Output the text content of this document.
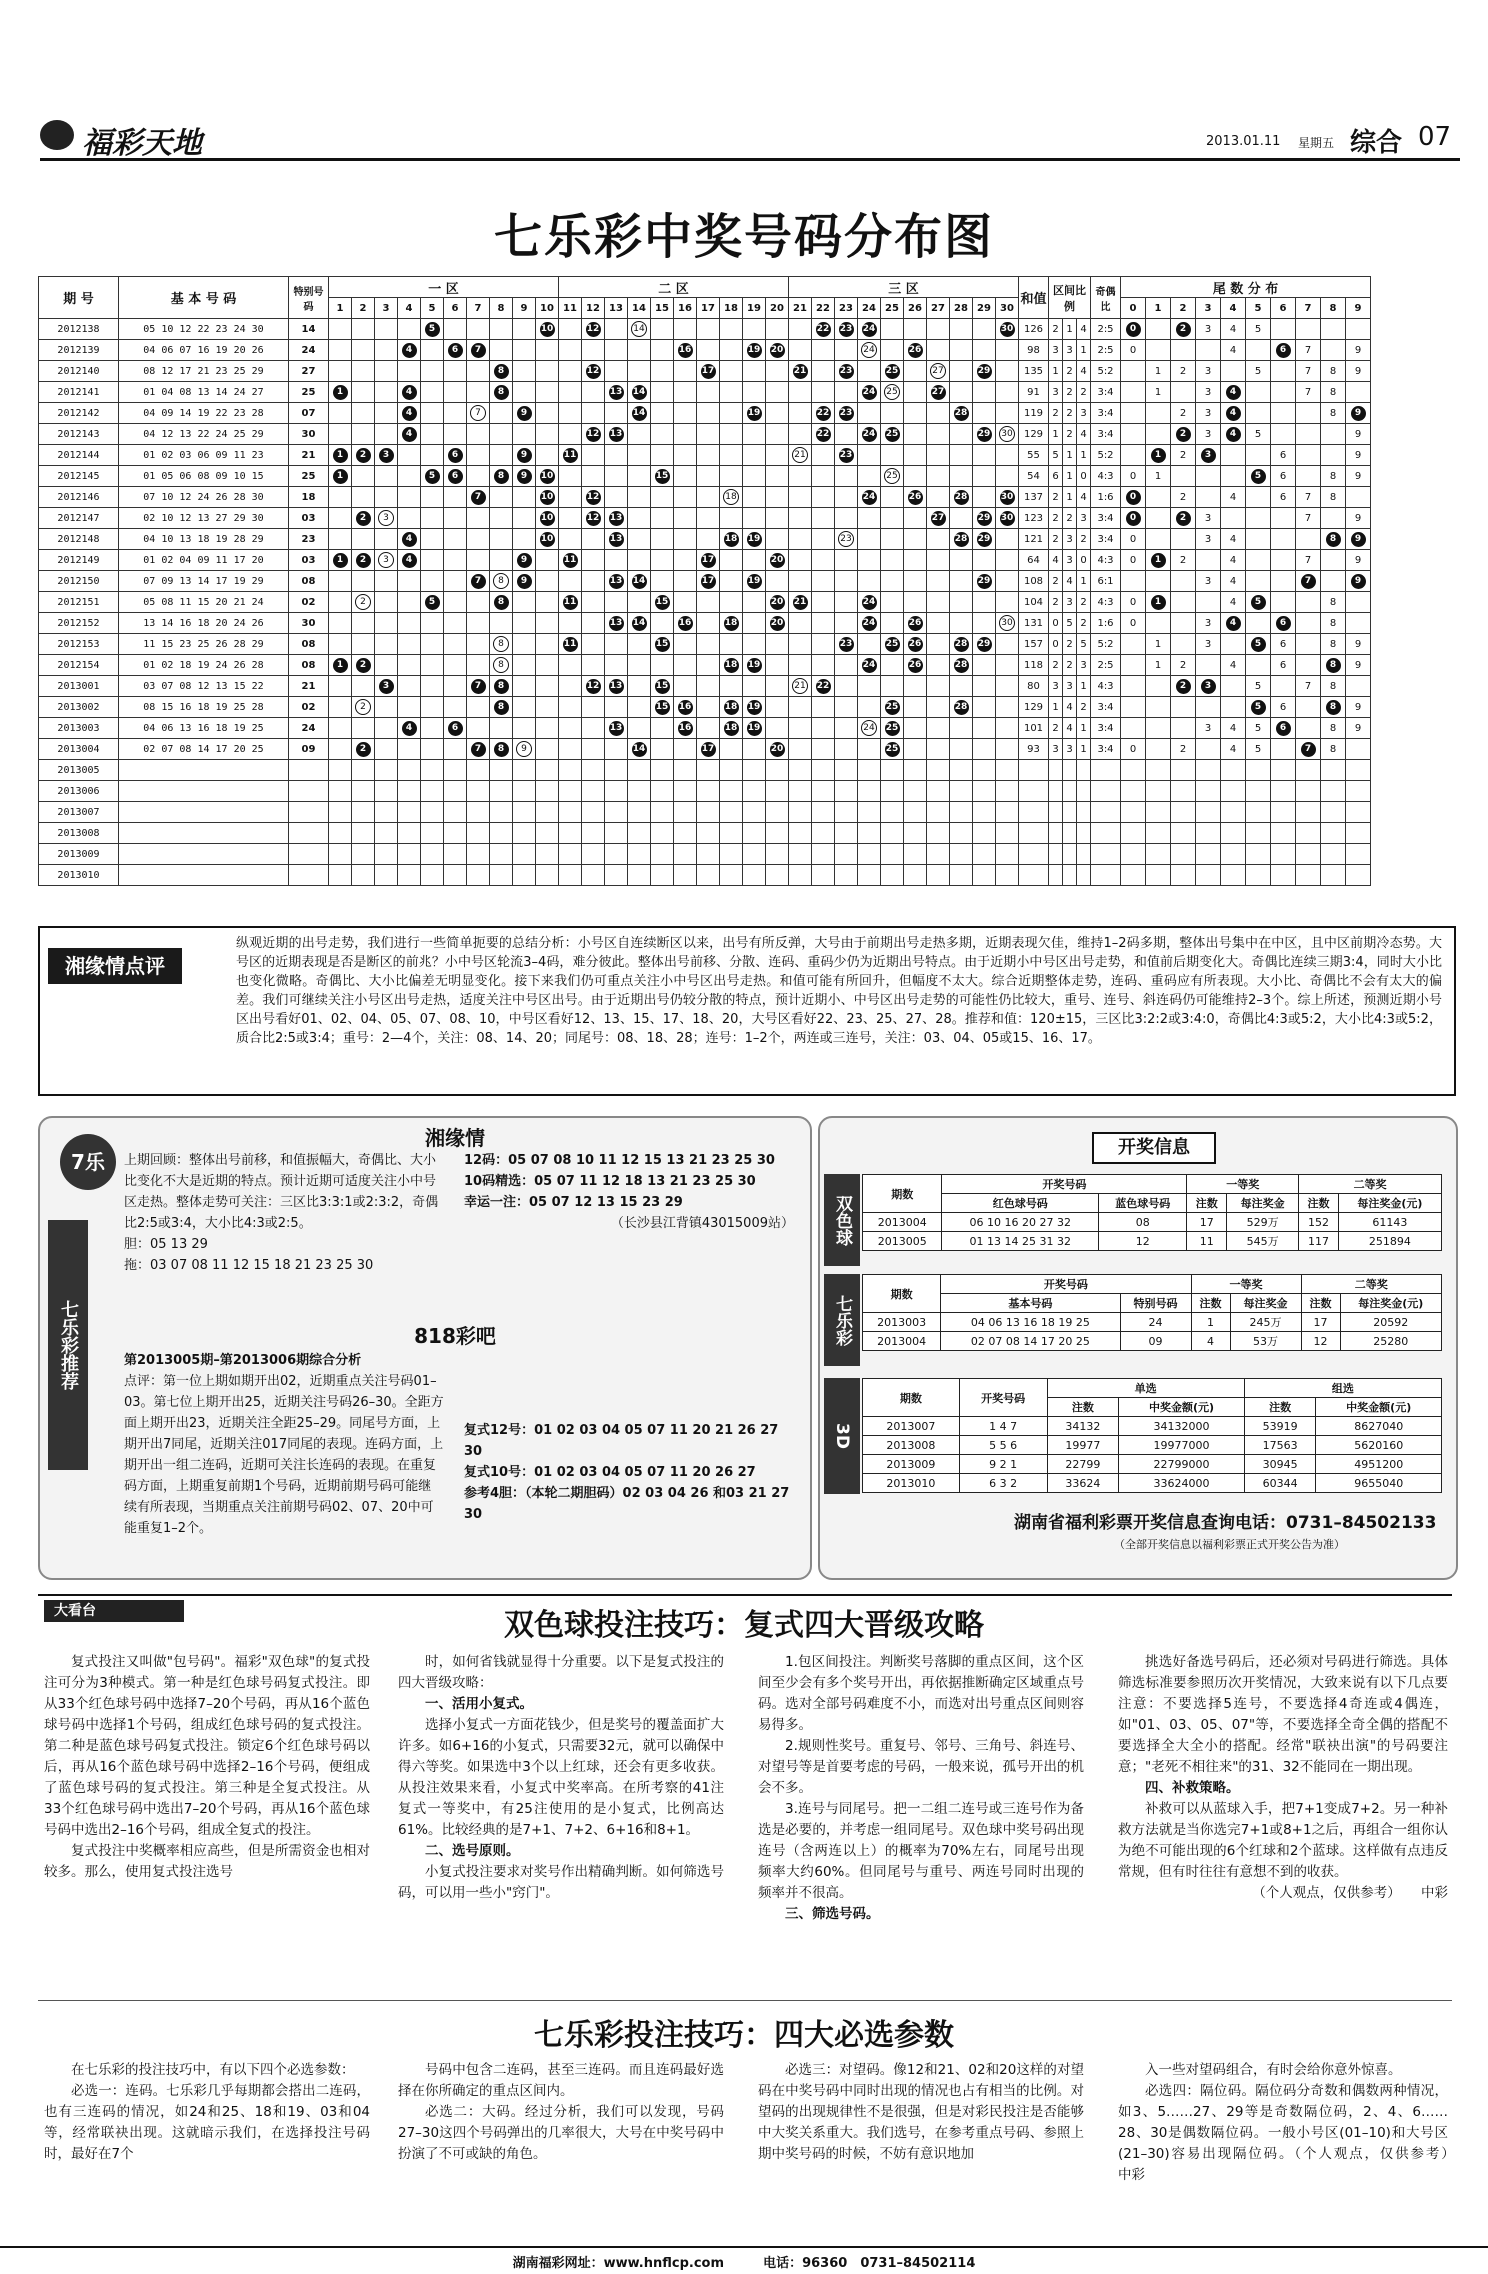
福彩天地	2013.01.11 星期五 综合 07
七乐彩中奖号码分布图
期 号	基 本 号 码	特别号码	一 区										二 区										三 区										和值	区间比例			奇偶比	尾 数 分 布									
			1	2	3	4	5	6	7	8	9	10	11	12	13	14	15	16	17	18	19	20	21	22	23	24	25	26	27	28	29	30						0	1	2	3	4	5	6	7	8	9
2012138	05 10 12 22 23 24 30	14					5					10		12		14								22	23	24						30	126	2	1	4	2:5	0		2	3	4	5				
2012139	04 06 07 16 19 20 26	24				4		6	7									16			19	20				24		26					98	3	3	1	2:5	0				4		6	7		9
2012140	08 12 17 21 23 25 29	27								8				12					17				21		23		25		27		29		135	1	2	4	5:2		1	2	3		5		7	8	9
2012141	01 04 08 13 14 24 27	25	1			4				8					13	14										24	25		27				91	3	2	2	3:4		1		3	4			7	8	
2012142	04 09 14 19 22 23 28	07				4			7		9					14					19			22	23					28			119	2	2	3	3:4			2	3	4				8	9
2012143	04 12 13 22 24 25 29	30				4								12	13									22		24	25				29	30	129	1	2	4	3:4			2	3	4	5				9
2012144	01 02 03 06 09 11 23	21	1	2	3			6			9		11										21		23								55	5	1	1	5:2		1	2	3			6			9
2012145	01 05 06 08 09 10 15	25	1				5	6		8	9	10					15										25						54	6	1	0	4:3	0	1				5	6		8	9
2012146	07 10 12 24 26 28 30	18							7			10		12						18						24		26		28		30	137	2	1	4	1:6	0		2		4		6	7	8	
2012147	02 10 12 13 27 29 30	03		2	3							10		12	13														27		29	30	123	2	2	3	3:4	0		2	3				7		9
2012148	04 10 13 18 19 28 29	23				4						10			13					18	19				23					28	29		121	2	3	2	3:4	0			3	4				8	9
2012149	01 02 04 09 11 17 20	03	1	2	3	4					9		11						17			20											64	4	3	0	4:3	0	1	2		4			7		9
2012150	07 09 13 14 17 19 29	08							7	8	9				13	14			17		19										29		108	2	4	1	6:1				3	4			7		9
2012151	05 08 11 15 20 21 24	02		2			5			8			11				15					20	21			24							104	2	3	2	4:3	0	1			4	5			8	
2012152	13 14 16 18 20 24 26	30													13	14		16		18		20				24		26				30	131	0	5	2	1:6	0			3	4		6		8	
2012153	11 15 23 25 26 28 29	08								8			11				15								23		25	26		28	29		157	0	2	5	5:2		1		3		5	6		8	9
2012154	01 02 18 19 24 26 28	08	1	2						8										18	19					24		26		28			118	2	2	3	2:5		1	2		4		6		8	9
2013001	03 07 08 12 13 15 22	21			3				7	8				12	13		15						21	22									80	3	3	1	4:3			2	3		5		7	8	
2013002	08 15 16 18 19 25 28	02		2						8							15	16		18	19						25			28			129	1	4	2	3:4						5	6		8	9
2013003	04 06 13 16 18 19 25	24				4		6							13			16		18	19					24	25						101	2	4	1	3:4				3	4	5	6		8	9
2013004	02 07 08 14 17 20 25	09		2					7	8	9					14			17			20					25						93	3	3	1	3:4	0		2		4	5		7	8	
2013005																																															
2013006																																															
2013007																																															
2013008																																															
2013009																																															
2013010																																															
湘缘情点评
纵观近期的出号走势，我们进行一些简单扼要的总结分析：小号区自连续断区以来，出号有所反弹，大号由于前期出号走热多期，近期表现欠佳，维持1–2码多期，整体出号集中在中区，且中区前期冷态势。大号区的近期表现是否是断区的前兆？小中号区轮流3–4码，难分彼此。整体出号前移、分散、连码、重码少仍为近期出号特点。由于近期小中号区出号走势，和值前后期变化大。奇偶比连续三期3:4，同时大小比也变化微略。奇偶比、大小比偏差无明显变化。接下来我们仍可重点关注小中号区出号走热。和值可能有所回升，但幅度不太大。综合近期整体走势，连码、重码应有所表现。大小比、奇偶比不会有太大的偏差。我们可继续关注小号区出号走热，适度关注中号区出号。由于近期出号仍较分散的特点，预计近期小、中号区出号走势的可能性仍比较大，重号、连号、斜连码仍可能维持2–3个。综上所述，预测近期小号区出号看好01、02、04、05、07、08、10，中号区看好12、13、15、17、18、20，大号区看好22、23、25、27、28。推荐和值：120±15，三区比3:2:2或3:4:0，奇偶比4:3或5:2，大小比4:3或5:2，质合比2:5或3:4；重号：2—4个，关注：08、14、20；同尾号：08、18、28；连号：1–2个，两连或三连号，关注：03、04、05或15、16、17。
7乐
七乐彩推荐
湘缘情

上期回顾：整体出号前移，和值振幅大，奇偶比、大小比变化不大是近期的特点。预计近期可适度关注小中号区走热。整体走势可关注：三区比3:3:1或2:3:2，奇偶比2:5或3:4，大小比4:3或2:5。

胆：05 13 29

拖：03 07 08 11 12 15 18 21 23 25 30

12码：05 07 08 10 11 12 15 13 21 23 25 30

10码精选：05 07 11 12 18 13 21 23 25 30

幸运一注：05 07 12 13 15 23 29

（长沙县江背镇43015009站）

818彩吧

第2013005期–第2013006期综合分析

点评：第一位上期如期开出02，近期重点关注号码01–03。第七位上期开出25，近期关注号码26–30。全距方面上期开出23，近期关注全距25–29。同尾号方面，上期开出7同尾，近期关注017同尾的表现。连码方面，上期开出一组二连码，近期可关注长连码的表现。在重复码方面，上期重复前期1个号码，近期前期号码可能继续有所表现，当期重点关注前期号码02、07、20中可能重复1–2个。

复式12号：01 02 03 04 05 07 11 20 21 26 27 30

复式10号：01 02 03 04 05 07 11 20 26 27

参考4胆：（本轮二期胆码）02 03 04 26 和03 21 27 30

开奖信息
双色球
期数	开奖号码		一等奖		二等奖	
	红色球号码	蓝色球号码	注数	每注奖金	注数	每注奖金(元)
2013004	06 10 16 20 27 32	08	17	529万	152	61143
2013005	01 13 14 25 31 32	12	11	545万	117	251894
七乐彩
期数	开奖号码		一等奖		二等奖	
	基本号码	特别号码	注数	每注奖金	注数	每注奖金(元)
2013003	04 06 13 16 18 19 25	24	1	245万	17	20592
2013004	02 07 08 14 17 20 25	09	4	53万	12	25280
3D
期数	开奖号码	单选		组选	
		注数	中奖金额(元)	注数	中奖金额(元)
2013007	1 4 7	34132	34132000	53919	8627040
2013008	5 5 6	19977	19977000	17563	5620160
2013009	9 2 1	22799	22799000	30945	4951200
2013010	6 3 2	33624	33624000	60344	9655040
湖南省福利彩票开奖信息查询电话：0731–84502133
（全部开奖信息以福利彩票正式开奖公告为准）
大看台	双色球投注技巧：复式四大晋级攻略

复式投注又叫做"包号码"。福彩"双色球"的复式投注可分为3种模式。第一种是红色球号码复式投注。即从33个红色球号码中选择7–20个号码，再从16个蓝色球号码中选择1个号码，组成红色球号码的复式投注。第二种是蓝色球号码复式投注。锁定6个红色球号码以后，再从16个蓝色球号码中选择2–16个号码，便组成了蓝色球号码的复式投注。第三种是全复式投注。从33个红色球号码中选出7–20个号码，再从16个蓝色球号码中选出2–16个号码，组成全复式的投注。

复式投注中奖概率相应高些，但是所需资金也相对较多。那么，使用复式投注选号

时，如何省钱就显得十分重要。以下是复式投注的四大晋级攻略：

一、活用小复式。

选择小复式一方面花钱少，但是奖号的覆盖面扩大许多。如6+16的小复式，只需要32元，就可以确保中得六等奖。如果选中3个以上红球，还会有更多收获。从投注效果来看，小复式中奖率高。在所考察的41注复式一等奖中，有25注使用的是小复式，比例高达61%。比较经典的是7+1、7+2、6+16和8+1。

二、选号原则。

小复式投注要求对奖号作出精确判断。如何筛选号码，可以用一些小"窍门"。

1.包区间投注。判断奖号落脚的重点区间，这个区间至少会有多个奖号开出，再依据推断确定区域重点号码。选对全部号码难度不小，而选对出号重点区间则容易得多。

2.规则性奖号。重复号、邻号、三角号、斜连号、对望号等是首要考虑的号码，一般来说，孤号开出的机会不多。

3.连号与同尾号。把一二组二连号或三连号作为备选是必要的，并考虑一组同尾号。双色球中奖号码出现连号（含两连以上）的概率为70%左右，同尾号出现频率大约60%。但同尾号与重号、两连号同时出现的频率并不很高。

三、筛选号码。

挑选好备选号码后，还必须对号码进行筛选。具体筛选标准要参照历次开奖情况，大致来说有以下几点要注意：不要选择5连号，不要选择4奇连或4偶连，如"01、03、05、07"等，不要选择全奇全偶的搭配不要选择全大全小的搭配。经常"联袂出演"的号码要注意；"老死不相往来"的31、32不能同在一期出现。

四、补救策略。

补救可以从蓝球入手，把7+1变成7+2。另一种补救方法就是当你选完7+1或8+1之后，再组合一组你认为绝不可能出现的6个红球和2个蓝球。这样做有点违反常规，但有时往往有意想不到的收获。

（个人观点，仅供参考）　　中彩

七乐彩投注技巧：四大必选参数

在七乐彩的投注技巧中，有以下四个必选参数：

必选一：连码。七乐彩几乎每期都会搭出二连码，也有三连码的情况，如24和25、18和19、03和04等，经常联袂出现。这就暗示我们，在选择投注号码时，最好在7个

号码中包含二连码，甚至三连码。而且连码最好选择在你所确定的重点区间内。

必选二：大码。经过分析，我们可以发现，号码27–30这四个号码弹出的几率很大，大号在中奖号码中扮演了不可或缺的角色。

必选三：对望码。像12和21、02和20这样的对望码在中奖号码中同时出现的情况也占有相当的比例。对望码的出现规律性不是很强，但是对彩民投注是否能够中大奖关系重大。我们选号，在参考重点号码、参照上期中奖号码的时候，不妨有意识地加

入一些对望码组合，有时会给你意外惊喜。

必选四：隔位码。隔位码分奇数和偶数两种情况，如3、5……27、29等是奇数隔位码，2、4、6……28、30是偶数隔位码。一般小号区(01–10)和大号区(21–30)容易出现隔位码。（个人观点，仅供参考）　　中彩

湖南福彩网址：www.hnflcp.com	电话：96360　0731–84502114
